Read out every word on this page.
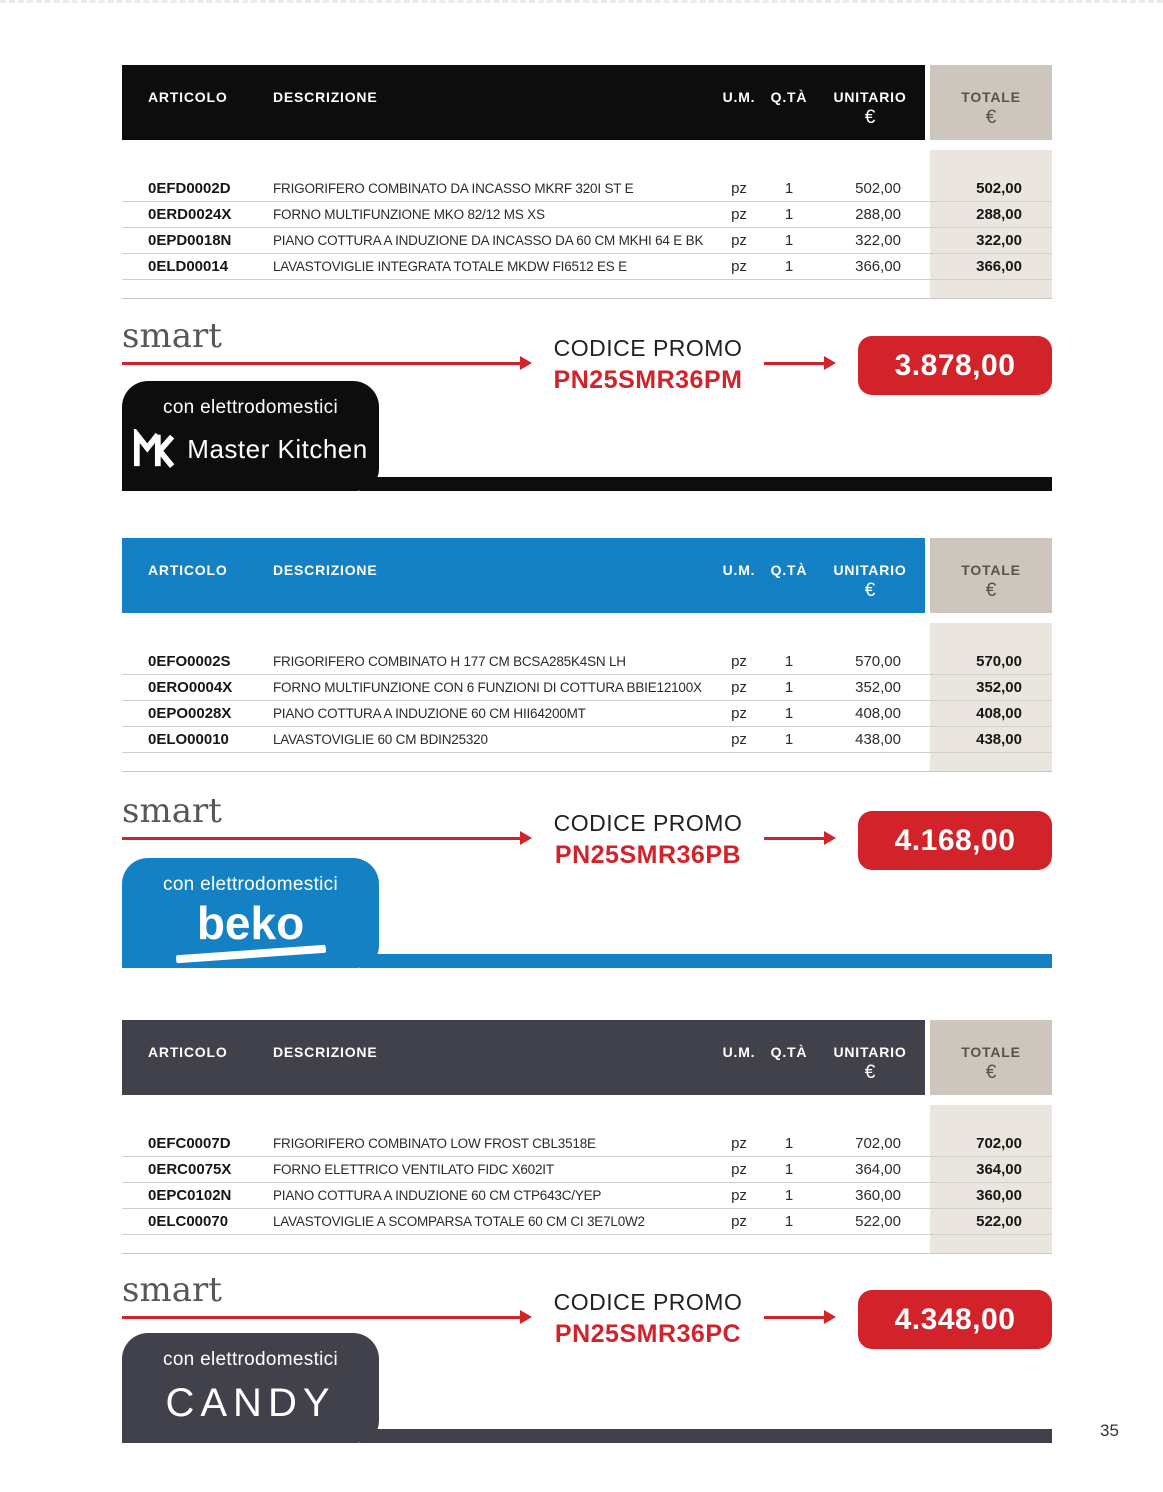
ARTICOLO	DESCRIZIONE	U.M.	Q.TÀ	UNITARIO
€
TOTALE
€
0EFD0002D	FRIGORIFERO COMBINATO DA INCASSO MKRF 320I ST E	pz	1	502,00	502,00
0ERD0024X	FORNO MULTIFUNZIONE MKO 82/12 MS XS	pz	1	288,00	288,00
0EPD0018N	PIANO COTTURA A INDUZIONE DA INCASSO DA 60 CM MKHI 64 E BK	pz	1	322,00	322,00
0ELD00014	LAVASTOVIGLIE INTEGRATA TOTALE MKDW FI6512 ES E	pz	1	366,00	366,00
smart	CODICE PROMO
PN25SMR36PM	3.878,00
con elettrodomestici
Master Kitchen
ARTICOLO	DESCRIZIONE	U.M.	Q.TÀ	UNITARIO
€
TOTALE
€
0EFO0002S	FRIGORIFERO COMBINATO H 177 CM BCSA285K4SN LH	pz	1	570,00	570,00
0ERO0004X	FORNO MULTIFUNZIONE CON 6 FUNZIONI DI COTTURA BBIE12100X	pz	1	352,00	352,00
0EPO0028X	PIANO COTTURA A INDUZIONE 60 CM HII64200MT	pz	1	408,00	408,00
0ELO00010	LAVASTOVIGLIE 60 CM BDIN25320	pz	1	438,00	438,00
smart	CODICE PROMO
PN25SMR36PB	4.168,00
con elettrodomestici
beko
ARTICOLO	DESCRIZIONE	U.M.	Q.TÀ	UNITARIO
€
TOTALE
€
0EFC0007D	FRIGORIFERO COMBINATO LOW FROST CBL3518E	pz	1	702,00	702,00
0ERC0075X	FORNO ELETTRICO VENTILATO FIDC X602IT	pz	1	364,00	364,00
0EPC0102N	PIANO COTTURA A INDUZIONE 60 CM CTP643C/YEP	pz	1	360,00	360,00
0ELC00070	LAVASTOVIGLIE A SCOMPARSA TOTALE 60 CM CI 3E7L0W2	pz	1	522,00	522,00
smart	CODICE PROMO
PN25SMR36PC	4.348,00
con elettrodomestici
CANDY
35
